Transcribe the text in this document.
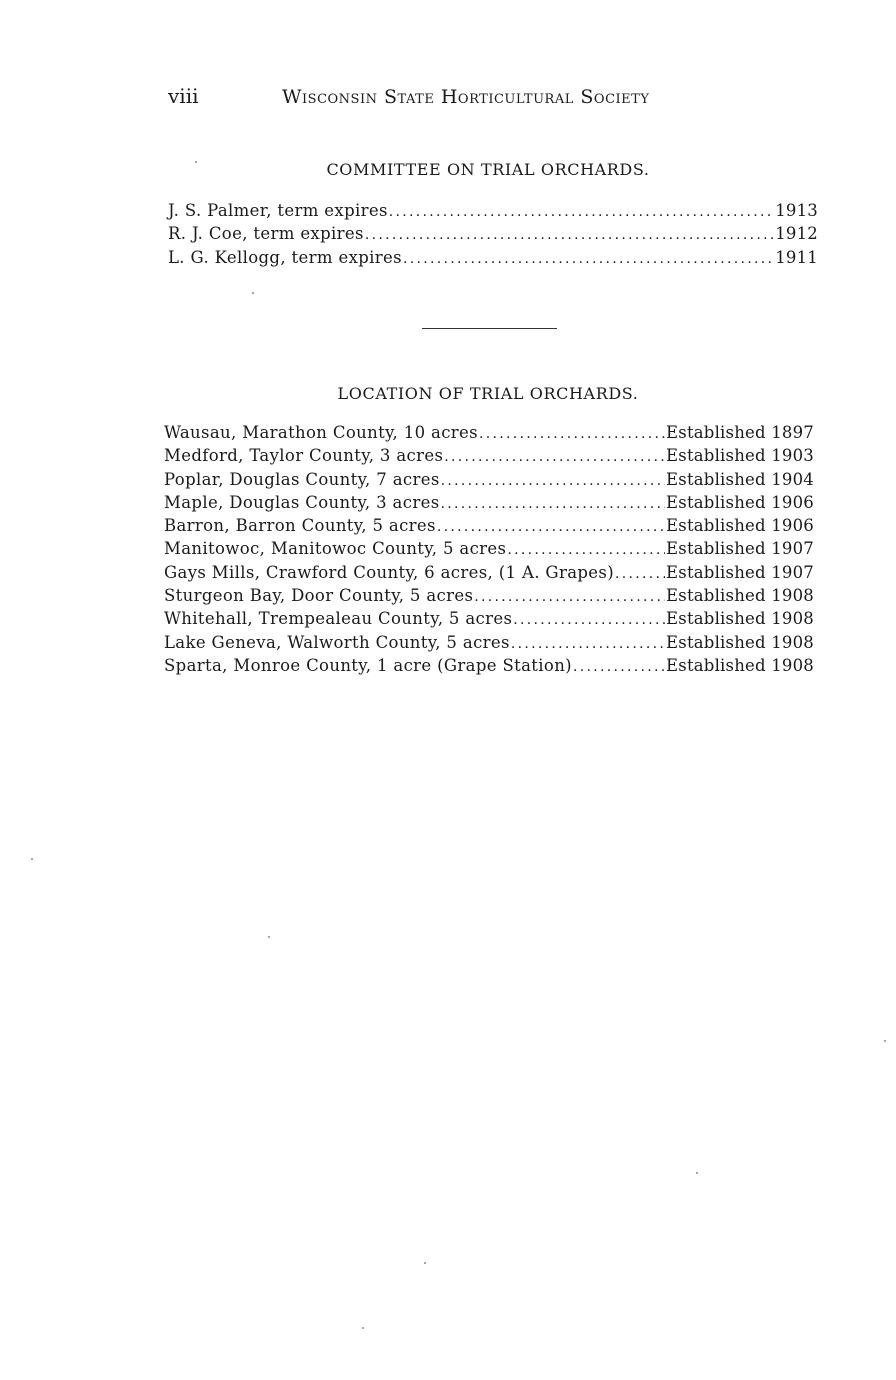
viii	Wisconsin State Horticultural Society
COMMITTEE ON TRIAL ORCHARDS.
J. S. Palmer, term expires .....	1913
R. J. Coe, term expires .....	1912
L. G. Kellogg, term expires .....	1911
LOCATION OF TRIAL ORCHARDS.
Wausau, Marathon County, 10 acres .....	Established 1897
Medford, Taylor County, 3 acres .....	Established 1903
Poplar, Douglas County, 7 acres .....	Established 1904
Maple, Douglas County, 3 acres .....	Established 1906
Barron, Barron County, 5 acres .....	Established 1906
Manitowoc, Manitowoc County, 5 acres .....	Established 1907
Gays Mills, Crawford County, 6 acres, (1 A. Grapes) .....	Established 1907
Sturgeon Bay, Door County, 5 acres .....	Established 1908
Whitehall, Trempealeau County, 5 acres .....	Established 1908
Lake Geneva, Walworth County, 5 acres .....	Established 1908
Sparta, Monroe County, 1 acre (Grape Station) .....	Established 1908
